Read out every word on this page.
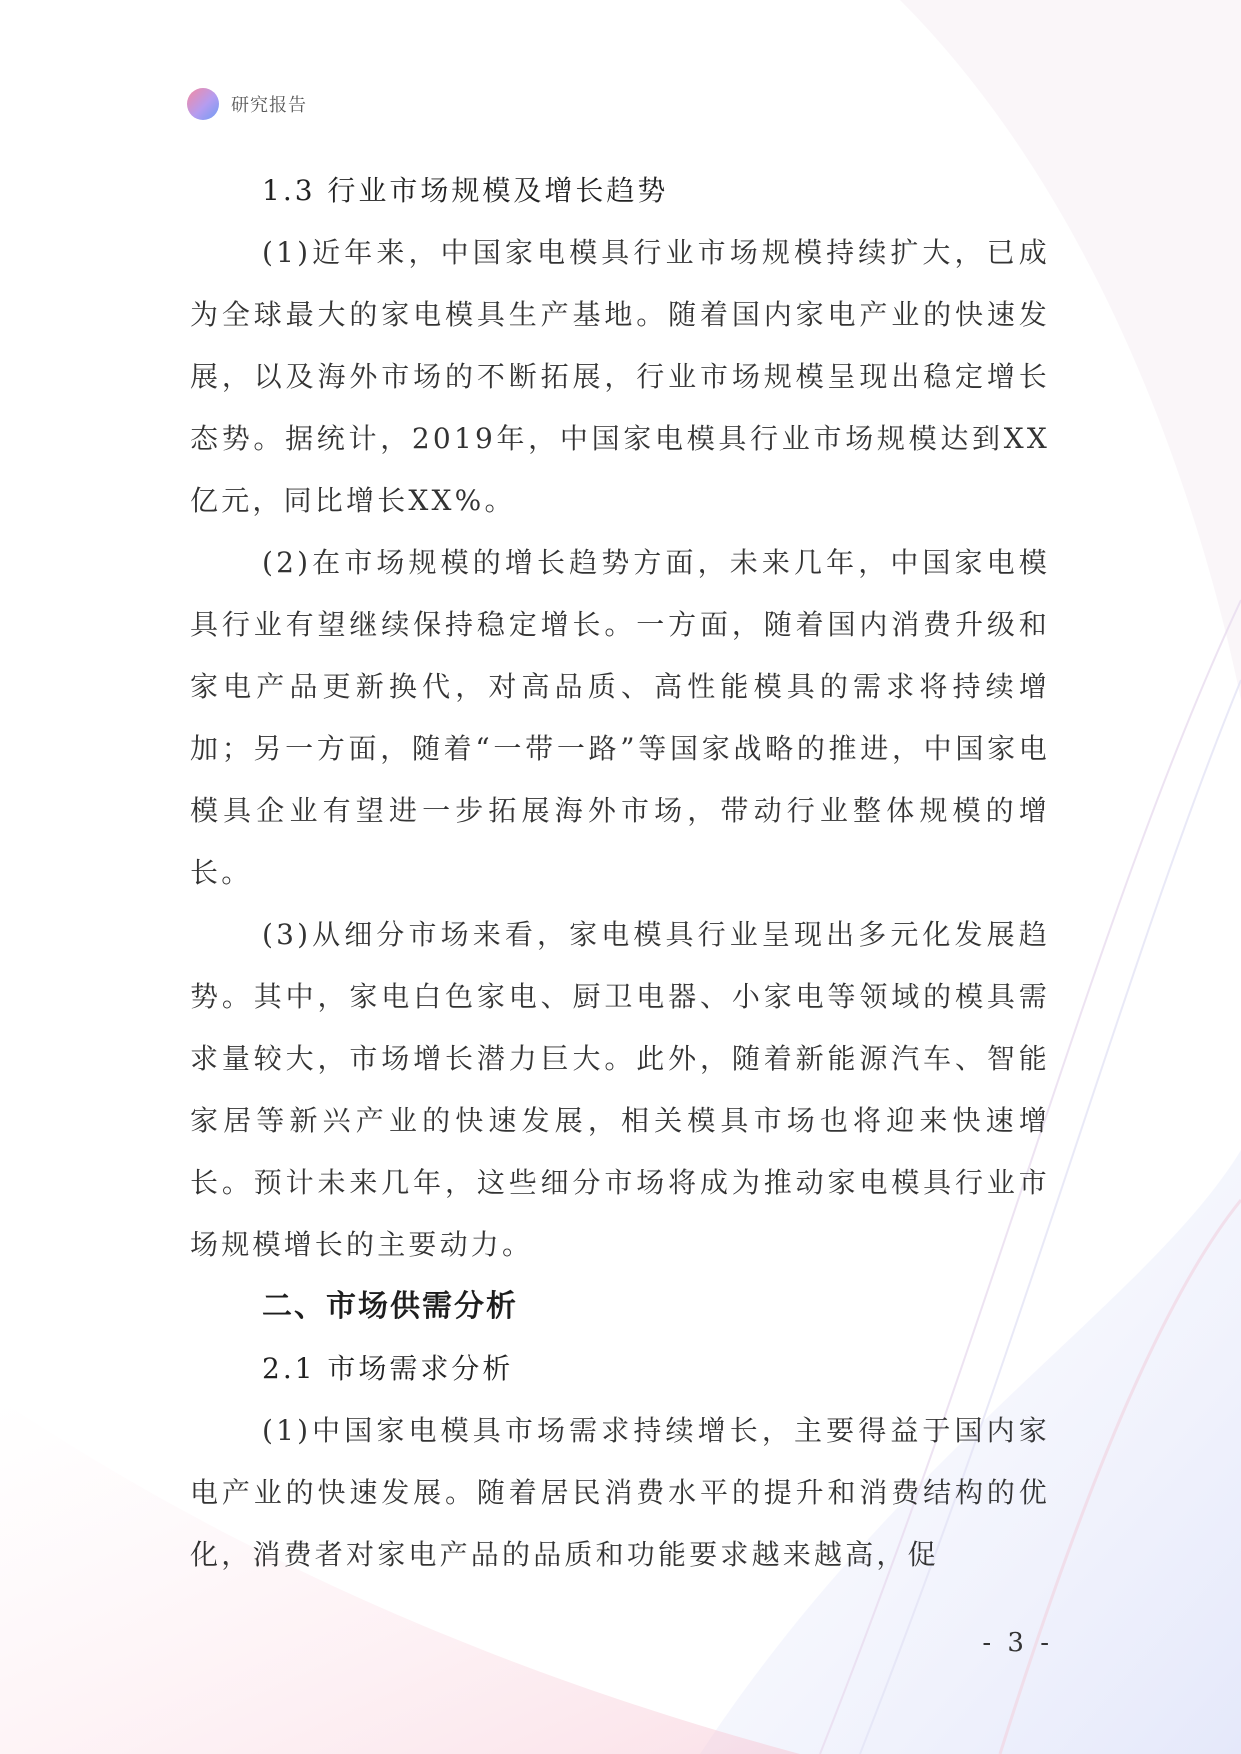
研究报告
1.3 行业市场规模及增长趋势

(1)近年来，中国家电模具行业市场规模持续扩大，已成为全球最大的家电模具生产基地。随着国内家电产业的快速发展，以及海外市场的不断拓展，行业市场规模呈现出稳定增长态势。据统计，2019年，中国家电模具行业市场规模达到XX亿元，同比增长XX%。

(2)在市场规模的增长趋势方面，未来几年，中国家电模具行业有望继续保持稳定增长。一方面，随着国内消费升级和家电产品更新换代，对高品质、高性能模具的需求将持续增加；另一方面，随着“一带一路”等国家战略的推进，中国家电模具企业有望进一步拓展海外市场，带动行业整体规模的增长。

(3)从细分市场来看，家电模具行业呈现出多元化发展趋势。其中，家电白色家电、厨卫电器、小家电等领域的模具需求量较大，市场增长潜力巨大。此外，随着新能源汽车、智能家居等新兴产业的快速发展，相关模具市场也将迎来快速增长。预计未来几年，这些细分市场将成为推动家电模具行业市场规模增长的主要动力。

二、市场供需分析
2.1 市场需求分析

(1)中国家电模具市场需求持续增长，主要得益于国内家电产业的快速发展。随着居民消费水平的提升和消费结构的优化，消费者对家电产品的品质和功能要求越来越高，促

- 3 -
